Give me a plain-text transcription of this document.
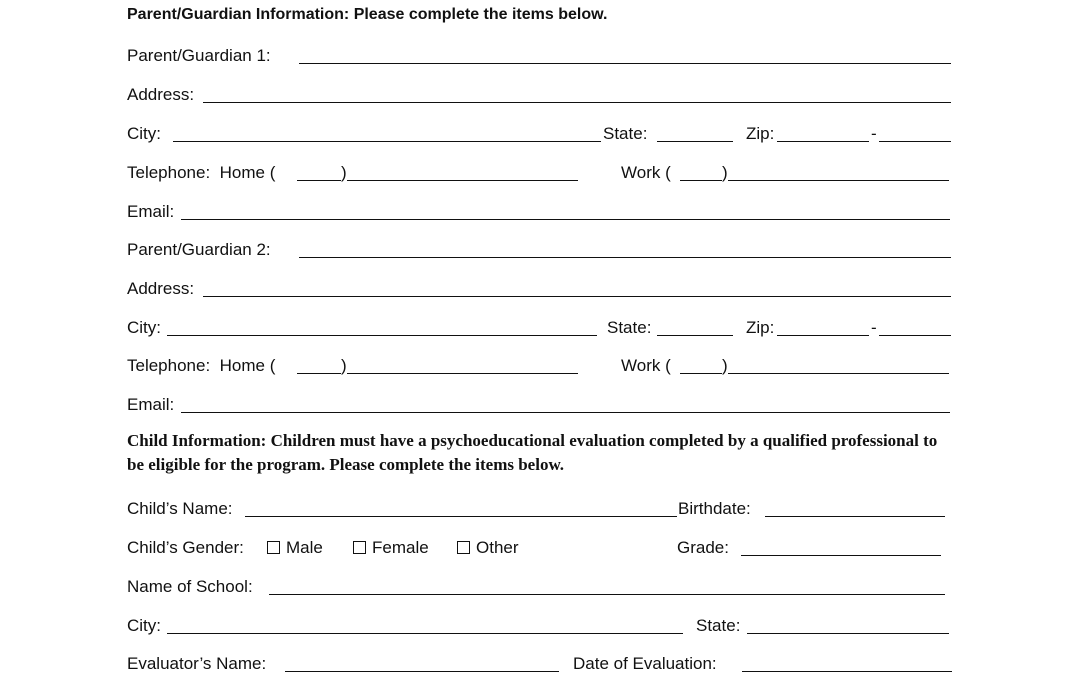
Parent/Guardian Information: Please complete the items below.
Parent/Guardian 1:
Address:
City:	State:	Zip:	-
Telephone:  Home (	)	Work (	)
Email:
Parent/Guardian 2:
Address:
City:	State:	Zip:	-
Telephone:  Home (	)	Work (	)
Email:
Child Information: Children must have a psychoeducational evaluation completed by a qualified professional to be eligible for the program. Please complete the items below.
Child’s Name:	Birthdate:
Child’s Gender:	Male	Female	Other	Grade:
Name of School:
City:	State:
Evaluator’s Name:	Date of Evaluation:
